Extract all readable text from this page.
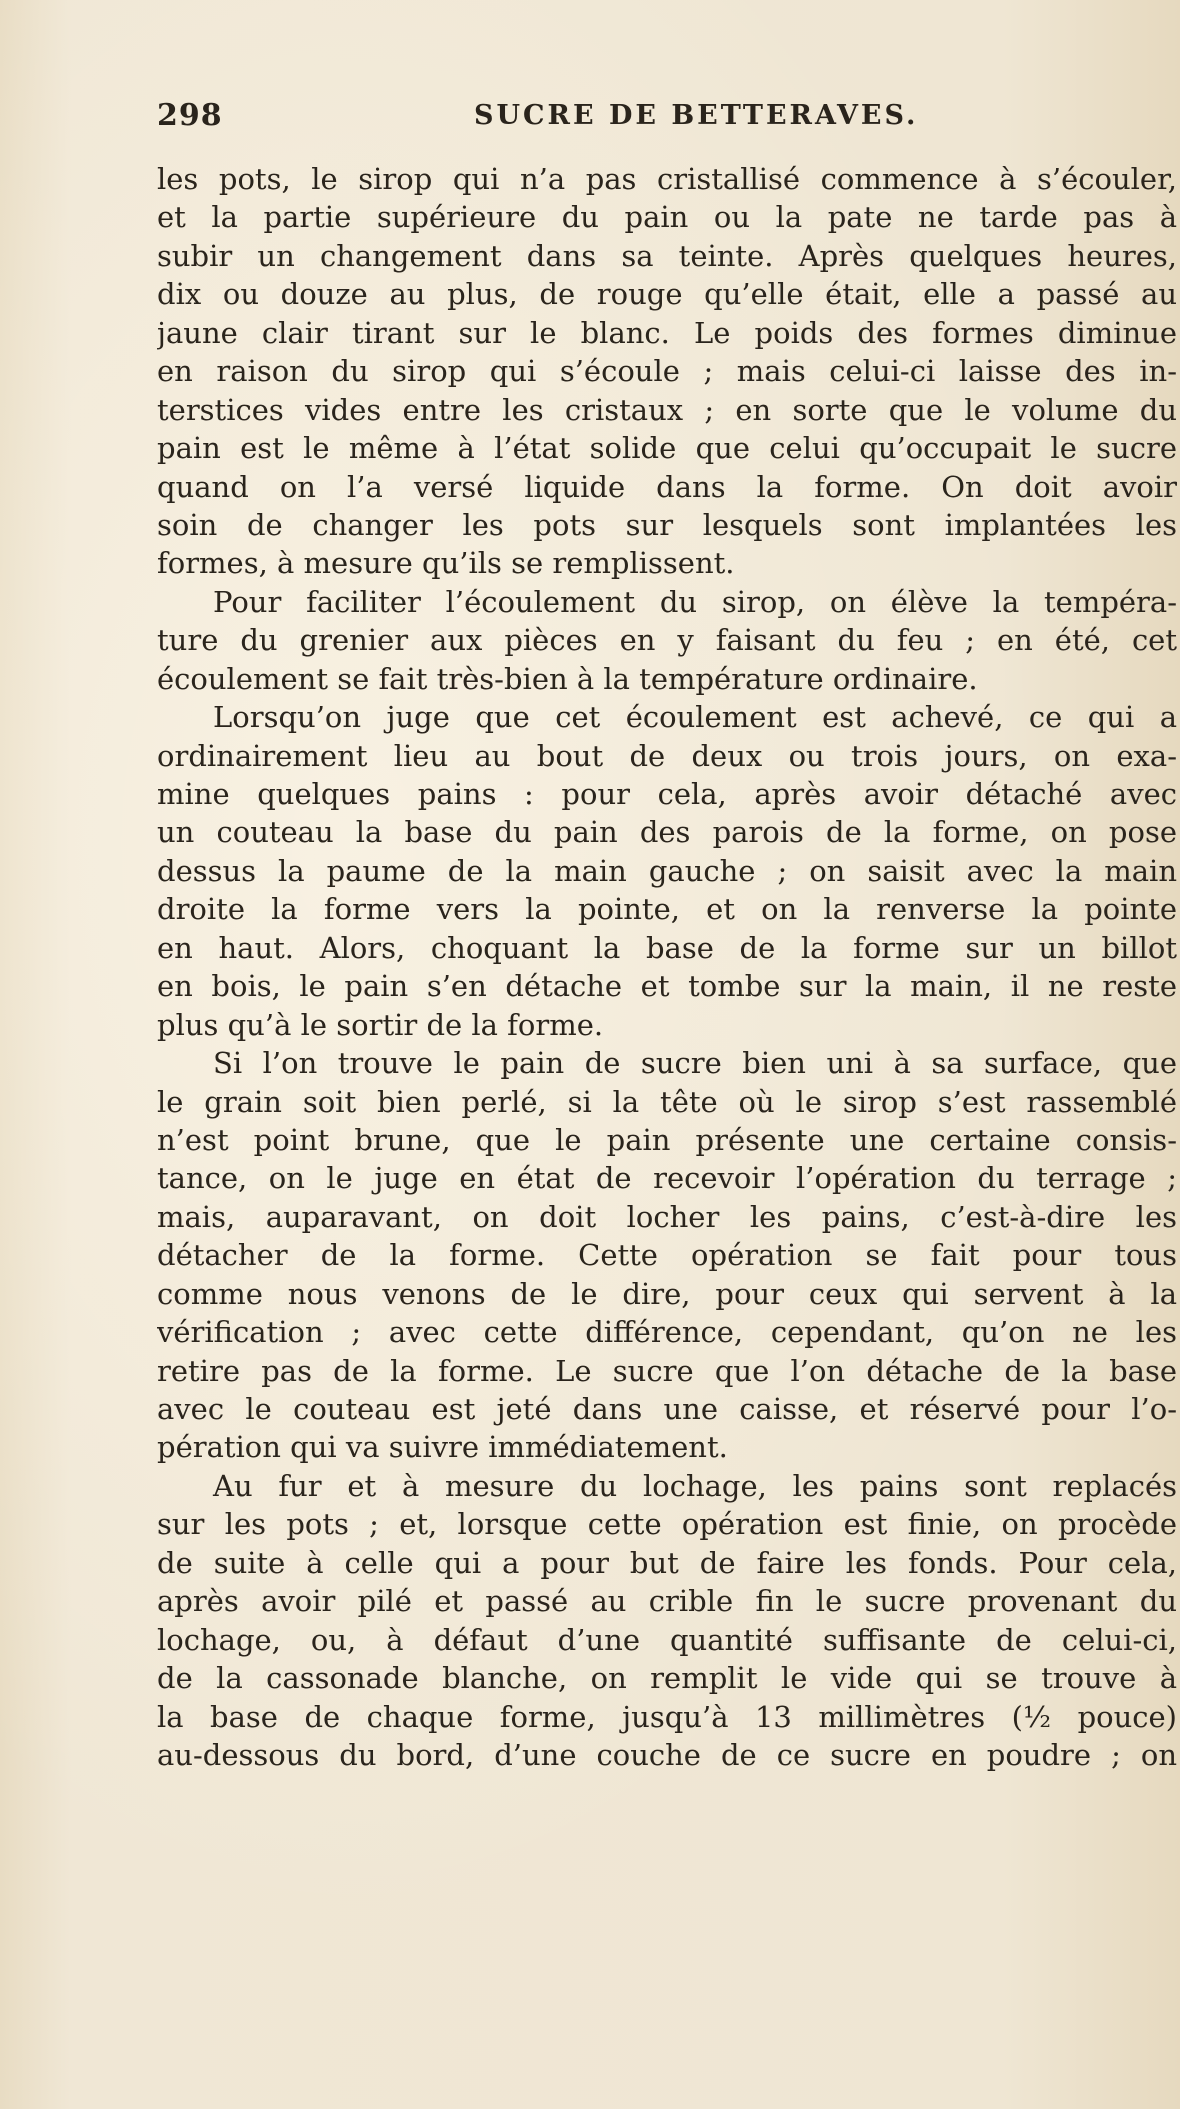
298	SUCRE DE BETTERAVES.
les pots, le sirop qui n’a pas cristallisé commence à s’écouler,
et la partie supérieure du pain ou la pate ne tarde pas à
subir un changement dans sa teinte. Après quelques heures,
dix ou douze au plus, de rouge qu’elle était, elle a passé au
jaune clair tirant sur le blanc. Le poids des formes diminue
en raison du sirop qui s’écoule ; mais celui-ci laisse des in-
terstices vides entre les cristaux ; en sorte que le volume du
pain est le même à l’état solide que celui qu’occupait le sucre
quand on l’a versé liquide dans la forme. On doit avoir
soin de changer les pots sur lesquels sont implantées les
formes, à mesure qu’ils se remplissent.
Pour faciliter l’écoulement du sirop, on élève la tempéra-
ture du grenier aux pièces en y faisant du feu ; en été, cet
écoulement se fait très-bien à la température ordinaire.
Lorsqu’on juge que cet écoulement est achevé, ce qui a
ordinairement lieu au bout de deux ou trois jours, on exa-
mine quelques pains : pour cela, après avoir détaché avec
un couteau la base du pain des parois de la forme, on pose
dessus la paume de la main gauche ; on saisit avec la main
droite la forme vers la pointe, et on la renverse la pointe
en haut. Alors, choquant la base de la forme sur un billot
en bois, le pain s’en détache et tombe sur la main, il ne reste
plus qu’à le sortir de la forme.
Si l’on trouve le pain de sucre bien uni à sa surface, que
le grain soit bien perlé, si la tête où le sirop s’est rassemblé
n’est point brune, que le pain présente une certaine consis-
tance, on le juge en état de recevoir l’opération du terrage ;
mais, auparavant, on doit locher les pains, c’est-à-dire les
détacher de la forme. Cette opération se fait pour tous
comme nous venons de le dire, pour ceux qui servent à la
vérification ; avec cette différence, cependant, qu’on ne les
retire pas de la forme. Le sucre que l’on détache de la base
avec le couteau est jeté dans une caisse, et réservé pour l’o-
pération qui va suivre immédiatement.
Au fur et à mesure du lochage, les pains sont replacés
sur les pots ; et, lorsque cette opération est finie, on procède
de suite à celle qui a pour but de faire les fonds. Pour cela,
après avoir pilé et passé au crible fin le sucre provenant du
lochage, ou, à défaut d’une quantité suffisante de celui-ci,
de la cassonade blanche, on remplit le vide qui se trouve à
la base de chaque forme, jusqu’à 13 millimètres (½ pouce)
au-dessous du bord, d’une couche de ce sucre en poudre ; on
